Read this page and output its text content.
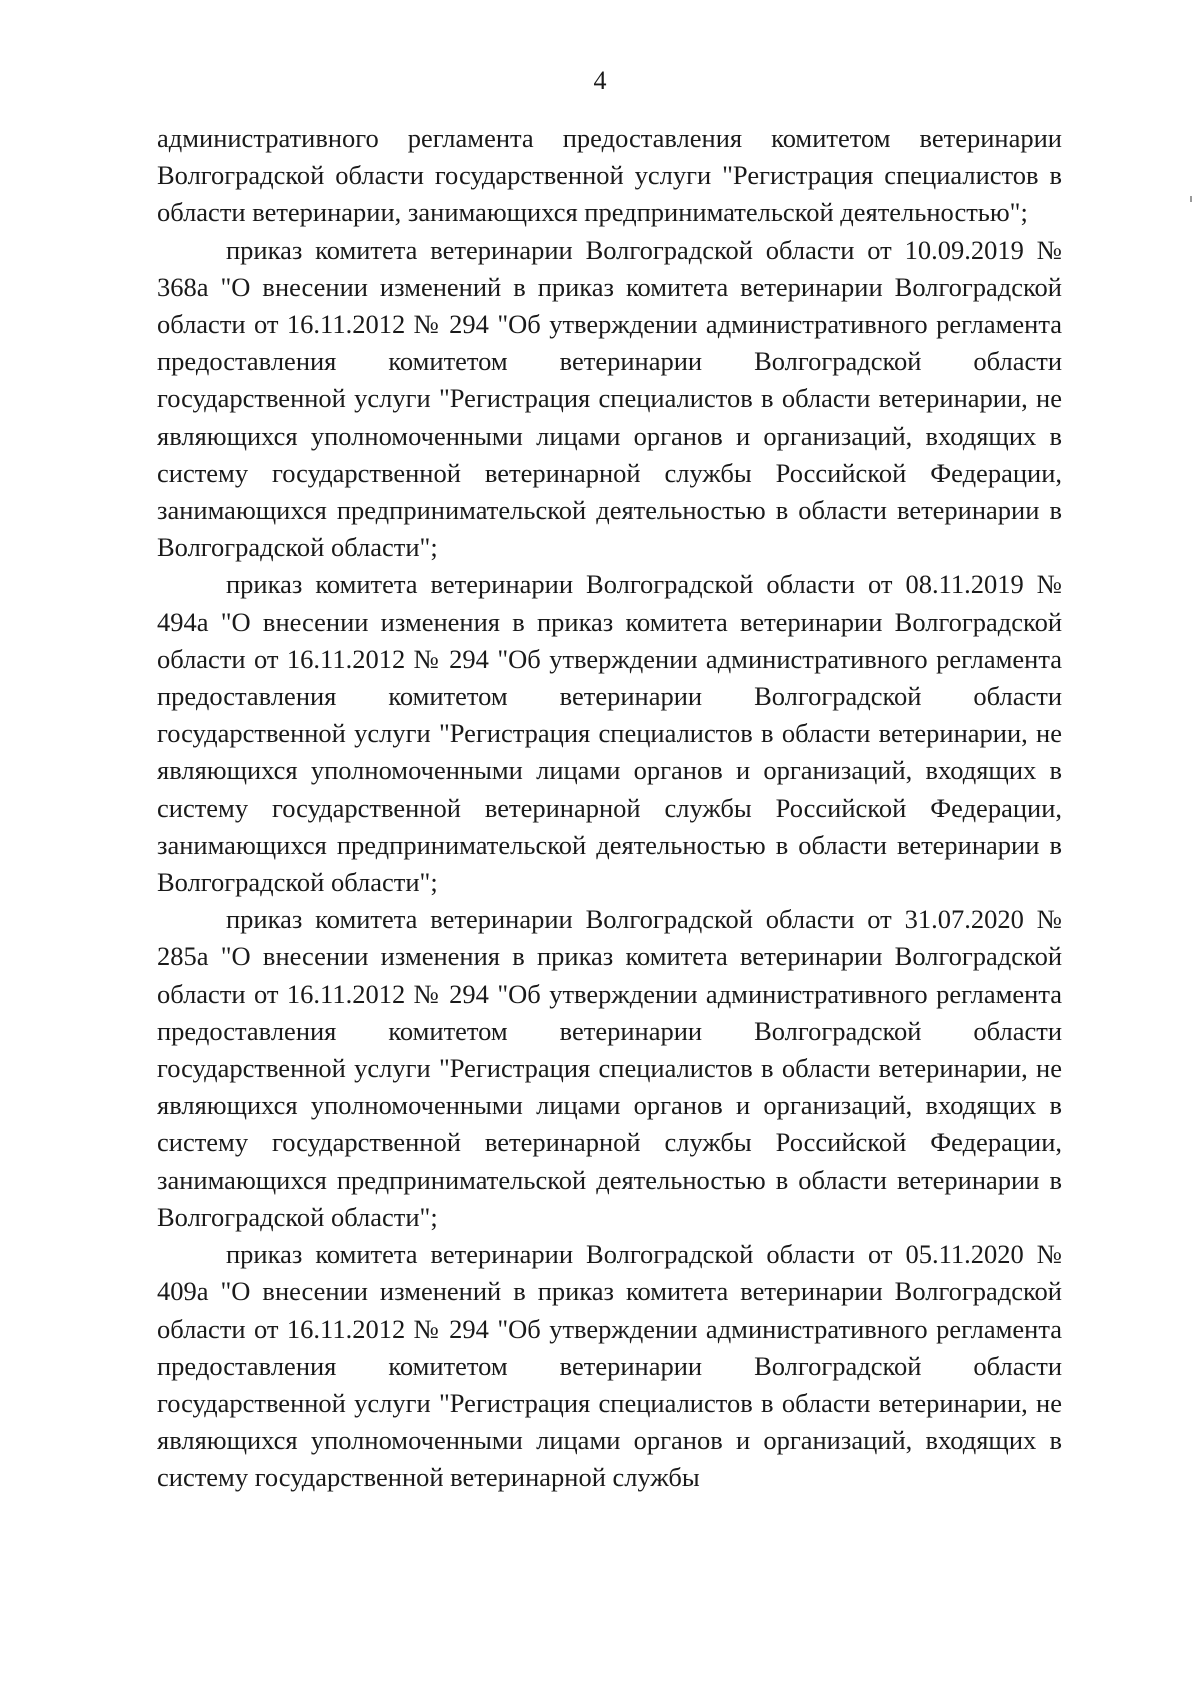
4

административного регламента предоставления комитетом ветеринарии Волгоградской области государственной услуги "Регистрация специалистов в области ветеринарии, занимающихся предпринимательской деятельностью";

приказ комитета ветеринарии Волгоградской области от 10.09.2019 № 368а "О внесении изменений в приказ комитета ветеринарии Волгоградской области от 16.11.2012 № 294 "Об утверждении административного регламента предоставления комитетом ветеринарии Волгоградской области государственной услуги "Регистрация специалистов в области ветеринарии, не являющихся уполномоченными лицами органов и организаций, входящих в систему государственной ветеринарной службы Российской Федерации, занимающихся предпринимательской деятельностью в области ветеринарии в Волгоградской области";

приказ комитета ветеринарии Волгоградской области от 08.11.2019 № 494а "О внесении изменения в приказ комитета ветеринарии Волгоградской области от 16.11.2012 № 294 "Об утверждении административного регламента предоставления комитетом ветеринарии Волгоградской области государственной услуги "Регистрация специалистов в области ветеринарии, не являющихся уполномоченными лицами органов и организаций, входящих в систему государственной ветеринарной службы Российской Федерации, занимающихся предпринимательской деятельностью в области ветеринарии в Волгоградской области";

приказ комитета ветеринарии Волгоградской области от 31.07.2020 № 285а "О внесении изменения в приказ комитета ветеринарии Волгоградской области от 16.11.2012 № 294 "Об утверждении административного регламента предоставления комитетом ветеринарии Волгоградской области государственной услуги "Регистрация специалистов в области ветеринарии, не являющихся уполномоченными лицами органов и организаций, входящих в систему государственной ветеринарной службы Российской Федерации, занимающихся предпринимательской деятельностью в области ветеринарии в Волгоградской области";

приказ комитета ветеринарии Волгоградской области от 05.11.2020 № 409а "О внесении изменений в приказ комитета ветеринарии Волгоградской области от 16.11.2012 № 294 "Об утверждении административного регламента предоставления комитетом ветеринарии Волгоградской области государственной услуги "Регистрация специалистов в области ветеринарии, не являющихся уполномоченными лицами органов и организаций, входящих в систему государственной ветеринарной службы
